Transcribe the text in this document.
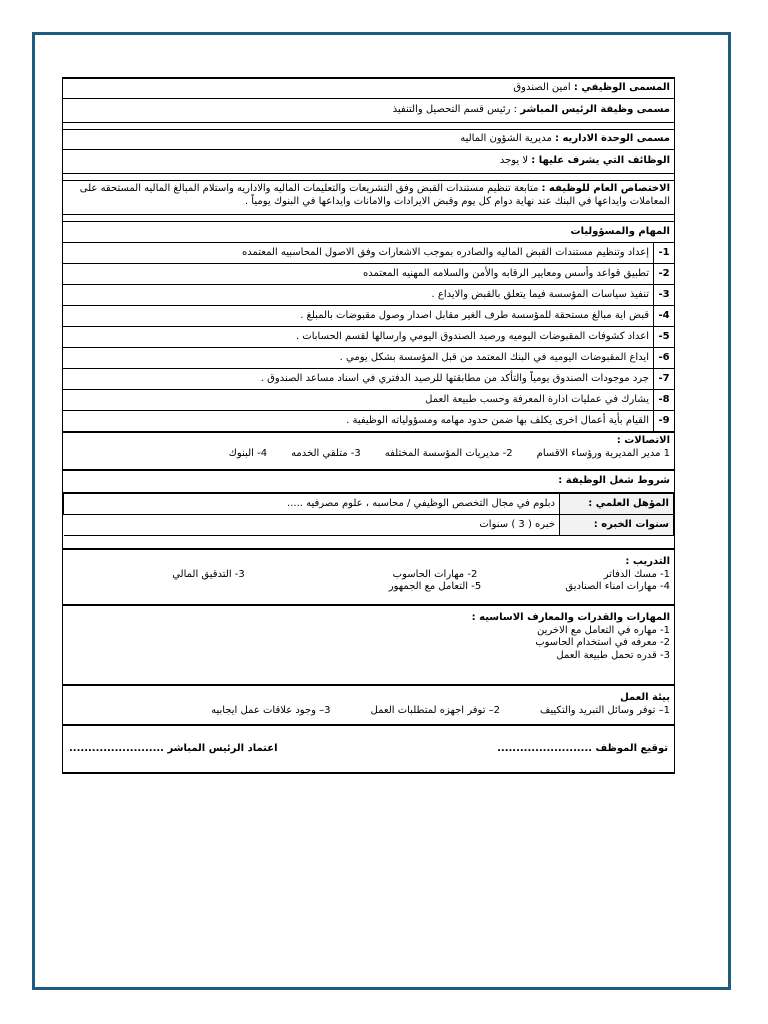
المسمى الوظيفي :

امين الصندوق
مسمى وظيفة الرئيس المباشر

: رئيس قسم التحصيل والتنفيذ
مسمى الوحدة الاداريه :

مديرية الشؤون الماليه
الوظائف التي يشرف عليها :

لا يوجد
الاختصاص العام للوظيفه : متابعة تنظيم مستندات القبض وفق التشريعات والتعليمات الماليه والاداريه واستلام المبالغ الماليه المستحقه على المعاملات وايداعها في البنك عند نهاية دوام كل يوم وقبض الايرادات والامانات وايداعها في البنوك يومياً .
المهام والمسؤوليات
1-
إعداد وتنظيم مستندات القبض الماليه والصادره بموجب الاشعارات وفق الاصول المحاسبيه المعتمده
2-
تطبيق قواعد وأسس ومعايير الرقابه والأمن والسلامه المهنيه المعتمده
3-
تنفيذ سياسات المؤسسة فيما يتعلق بالقبض والايداع .
4-
قبض اية مبالغ مستحقة للمؤسسة طرف الغير مقابل اصدار وصول مقبوضات بالمبلغ .
5-
اعداد كشوفات المقبوضات اليوميه ورصيد الصندوق اليومي وارسالها لقسم الحسابات .
6-
ايداع المقبوضات اليوميه في البنك المعتمد من قبل المؤسسة بشكل يومي .
7-
جرد موجودات الصندوق يومياً والتأكد من مطابقتها للرصيد الدفتري في اسناد مساعد الصندوق .
8-
يشارك في عمليات ادارة المعرفة وحسب طبيعة العمل
9-
القيام بأية أعمال اخرى يكلف بها ضمن حدود مهامه ومسؤولياته الوظيفية .
الاتصالات :
1 مدير المديرية ورؤساء الاقسام
2- مديريات المؤسسة المختلفه
3- متلقي الخدمه
4- البنوك
شروط شغل الوظيفة :
المؤهل العلمي :	دبلوم في مجال التخصص الوظيفي / محاسبه ، علوم مصرفيه .....
سنوات الخبره :	خبره ( 3 ) سنوات
التدريب :
1- مسك الدفاتر
2- مهارات الحاسوب
3- التدقيق المالي
4- مهارات امناء الصناديق
5- التعامل مع الجمهور
المهارات والقدرات والمعارف الاساسيه :
1- مهاره في التعامل مع الاخرين
2- معرفه في استخدام الحاسوب
3- قدره تحمل طبيعة العمل
بيئة العمل
1– توفر وسائل التبريد والتكييف
2– توفر اجهزه لمتطلبات العمل
3– وجود علاقات عمل ايجابيه
توقيع الموظف .........................
اعتماد الرئيس المباشر .........................
